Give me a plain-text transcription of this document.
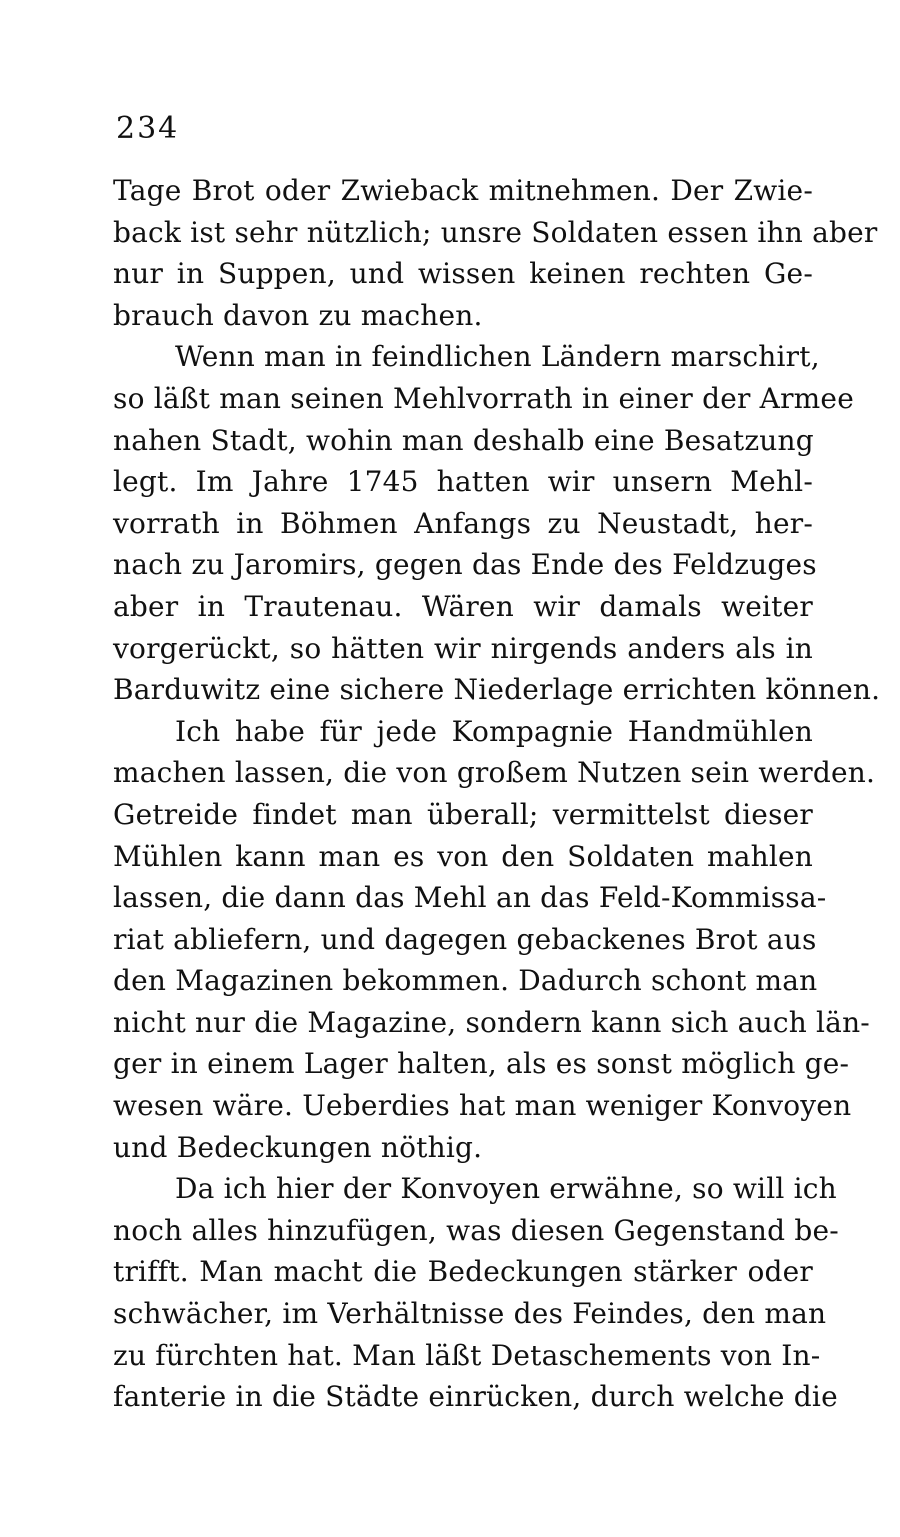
234
Tage Brot oder Zwieback mitnehmen. Der Zwie-
back ist sehr nützlich; unsre Soldaten essen ihn aber
nur in Suppen, und wissen keinen rechten Ge-
brauch davon zu machen.
Wenn man in feindlichen Ländern marschirt,
so läßt man seinen Mehlvorrath in einer der Armee
nahen Stadt, wohin man deshalb eine Besatzung
legt. Im Jahre 1745 hatten wir unsern Mehl-
vorrath in Böhmen Anfangs zu Neustadt, her-
nach zu Jaromirs, gegen das Ende des Feldzuges
aber in Trautenau. Wären wir damals weiter
vorgerückt, so hätten wir nirgends anders als in
Barduwitz eine sichere Niederlage errichten können.
Ich habe für jede Kompagnie Handmühlen
machen lassen, die von großem Nutzen sein werden.
Getreide findet man überall; vermittelst dieser
Mühlen kann man es von den Soldaten mahlen
lassen, die dann das Mehl an das Feld-Kommissa-
riat abliefern, und dagegen gebackenes Brot aus
den Magazinen bekommen. Dadurch schont man
nicht nur die Magazine, sondern kann sich auch län-
ger in einem Lager halten, als es sonst möglich ge-
wesen wäre. Ueberdies hat man weniger Konvoyen
und Bedeckungen nöthig.
Da ich hier der Konvoyen erwähne, so will ich
noch alles hinzufügen, was diesen Gegenstand be-
trifft. Man macht die Bedeckungen stärker oder
schwächer, im Verhältnisse des Feindes, den man
zu fürchten hat. Man läßt Detaschements von In-
fanterie in die Städte einrücken, durch welche die
